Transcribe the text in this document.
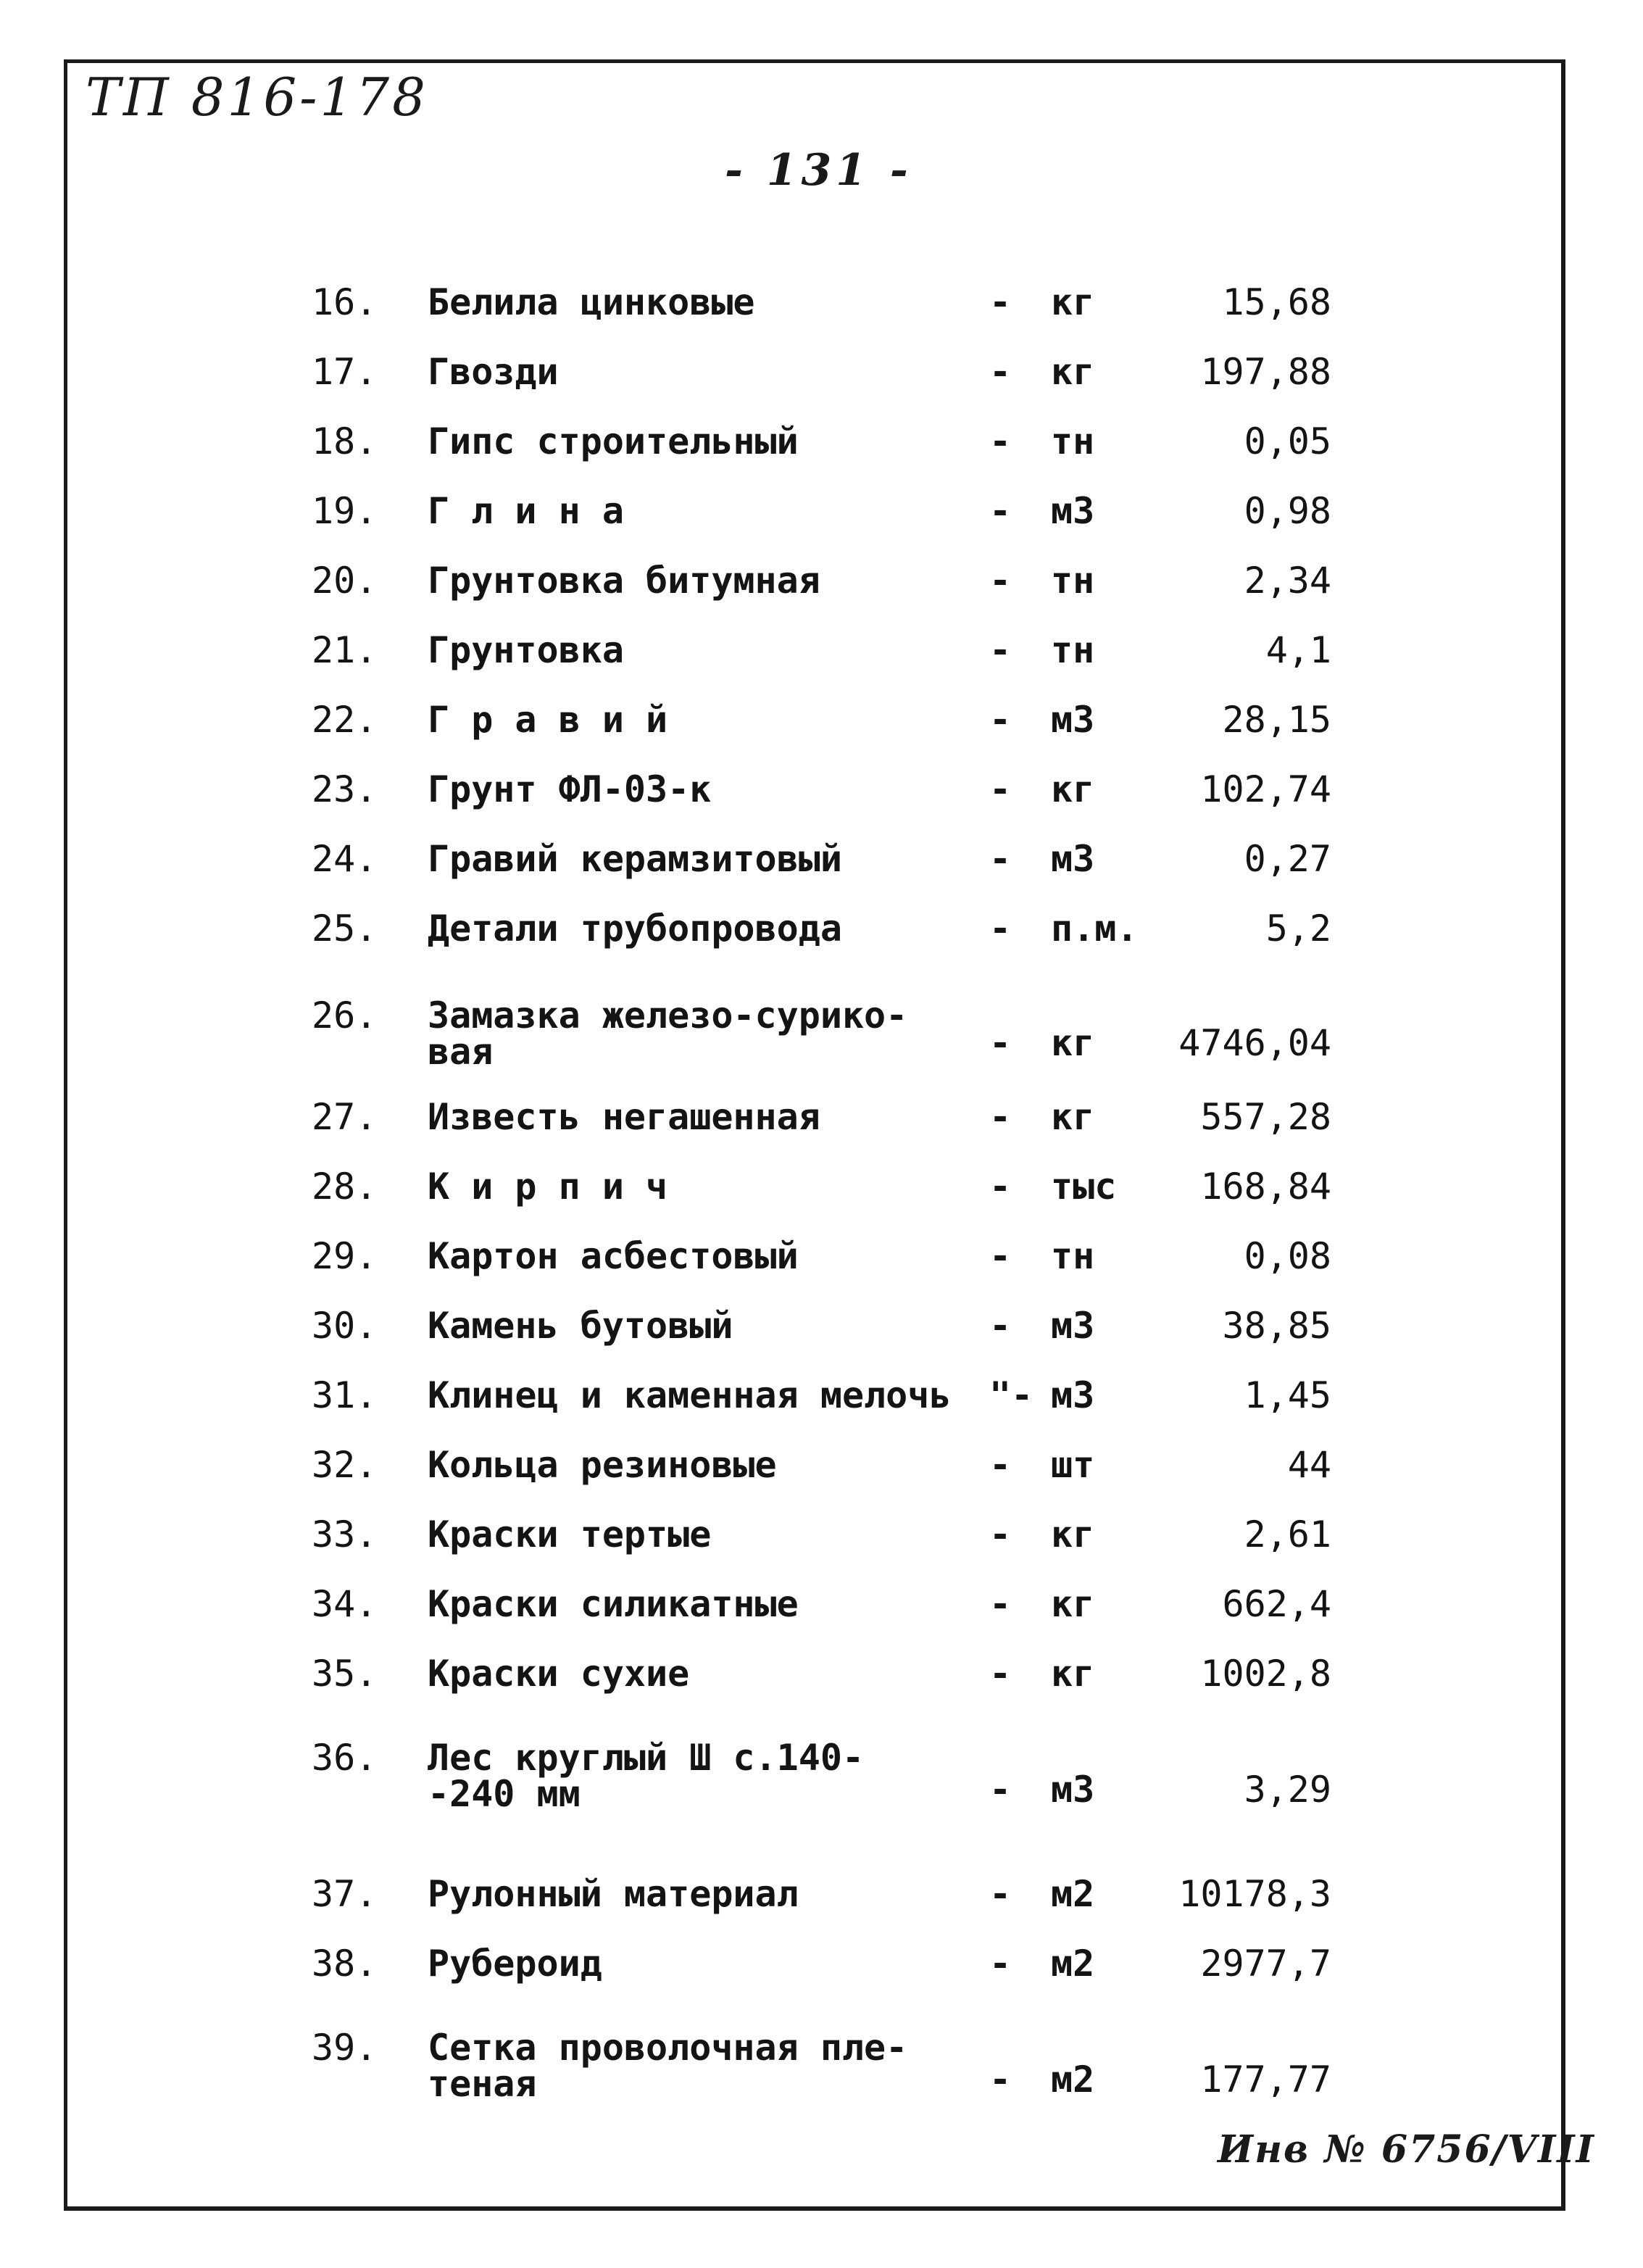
ТП 816-178
- 131 -
16. Белила цинковые	- кг	15,68
17. Гвозди	- кг	197,88
18. Гипс строительный	- тн	0,05
19. Г л и н а	- м3	0,98
20. Грунтовка битумная	- тн	2,34
21. Грунтовка	- тн	4,1
22. Г р а в и й	- м3	28,15
23. Грунт ФЛ-03-к	- кг	102,74
24. Гравий керамзитовый	- м3	0,27
25. Детали трубопровода	- п.м.	5,2
26. Замазка железо-сурико-
вая	- кг 4746,04
27. Известь негашенная	- кг	557,28
28. К и р п и ч	- тыс 168,84
29. Картон асбестовый	- тн	0,08
30. Камень бутовый	- м3	38,85
31. Клинец и каменная мелочь "- м3	1,45
32. Кольца резиновые	- шт	44
33. Краски тертые	- кг	2,61
34. Краски силикатные	- кг	662,4
35. Краски сухие	- кг	1002,8
36. Лес круглый Ш с.140-
-240 мм	- м3	3,29
37. Рулонный материал	- м2 10178,3
38. Рубероид	- м2	2977,7
39. Сетка проволочная пле-
теная	- м2	177,77
Инв № 6756/VIII
